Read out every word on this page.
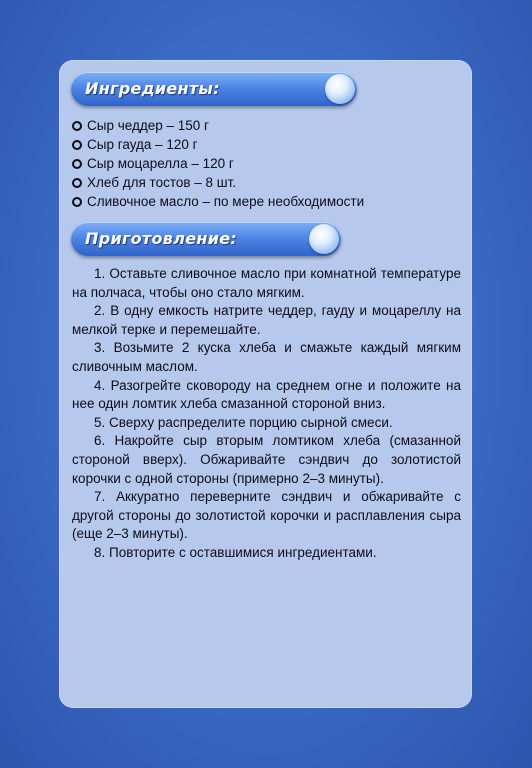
Ингредиенты:
Сыр чеддер – 150 г
Сыр гауда – 120 г
Сыр моцарелла – 120 г
Хлеб для тостов – 8 шт.
Сливочное масло – по мере необходимости
Приготовление:

1. Оставьте сливочное масло при комнатной температуре на полчаса, чтобы оно стало мягким.

2. В одну емкость натрите чеддер, гауду и моцареллу на мелкой терке и перемешайте.

3. Возьмите 2 куска хлеба и смажьте каждый мягким сливочным маслом.

4. Разогрейте сковороду на среднем огне и положите на нее один ломтик хлеба смазанной стороной вниз.

5. Сверху распределите порцию сырной смеси.

6. Накройте сыр вторым ломтиком хлеба (смазанной стороной вверх). Обжаривайте сэндвич до золотистой корочки с одной стороны (примерно 2–3 минуты).

7. Аккуратно переверните сэндвич и обжаривайте с другой стороны до золотистой корочки и расплавления сыра (еще 2–3 минуты).

8. Повторите с оставшимися ингредиентами.
